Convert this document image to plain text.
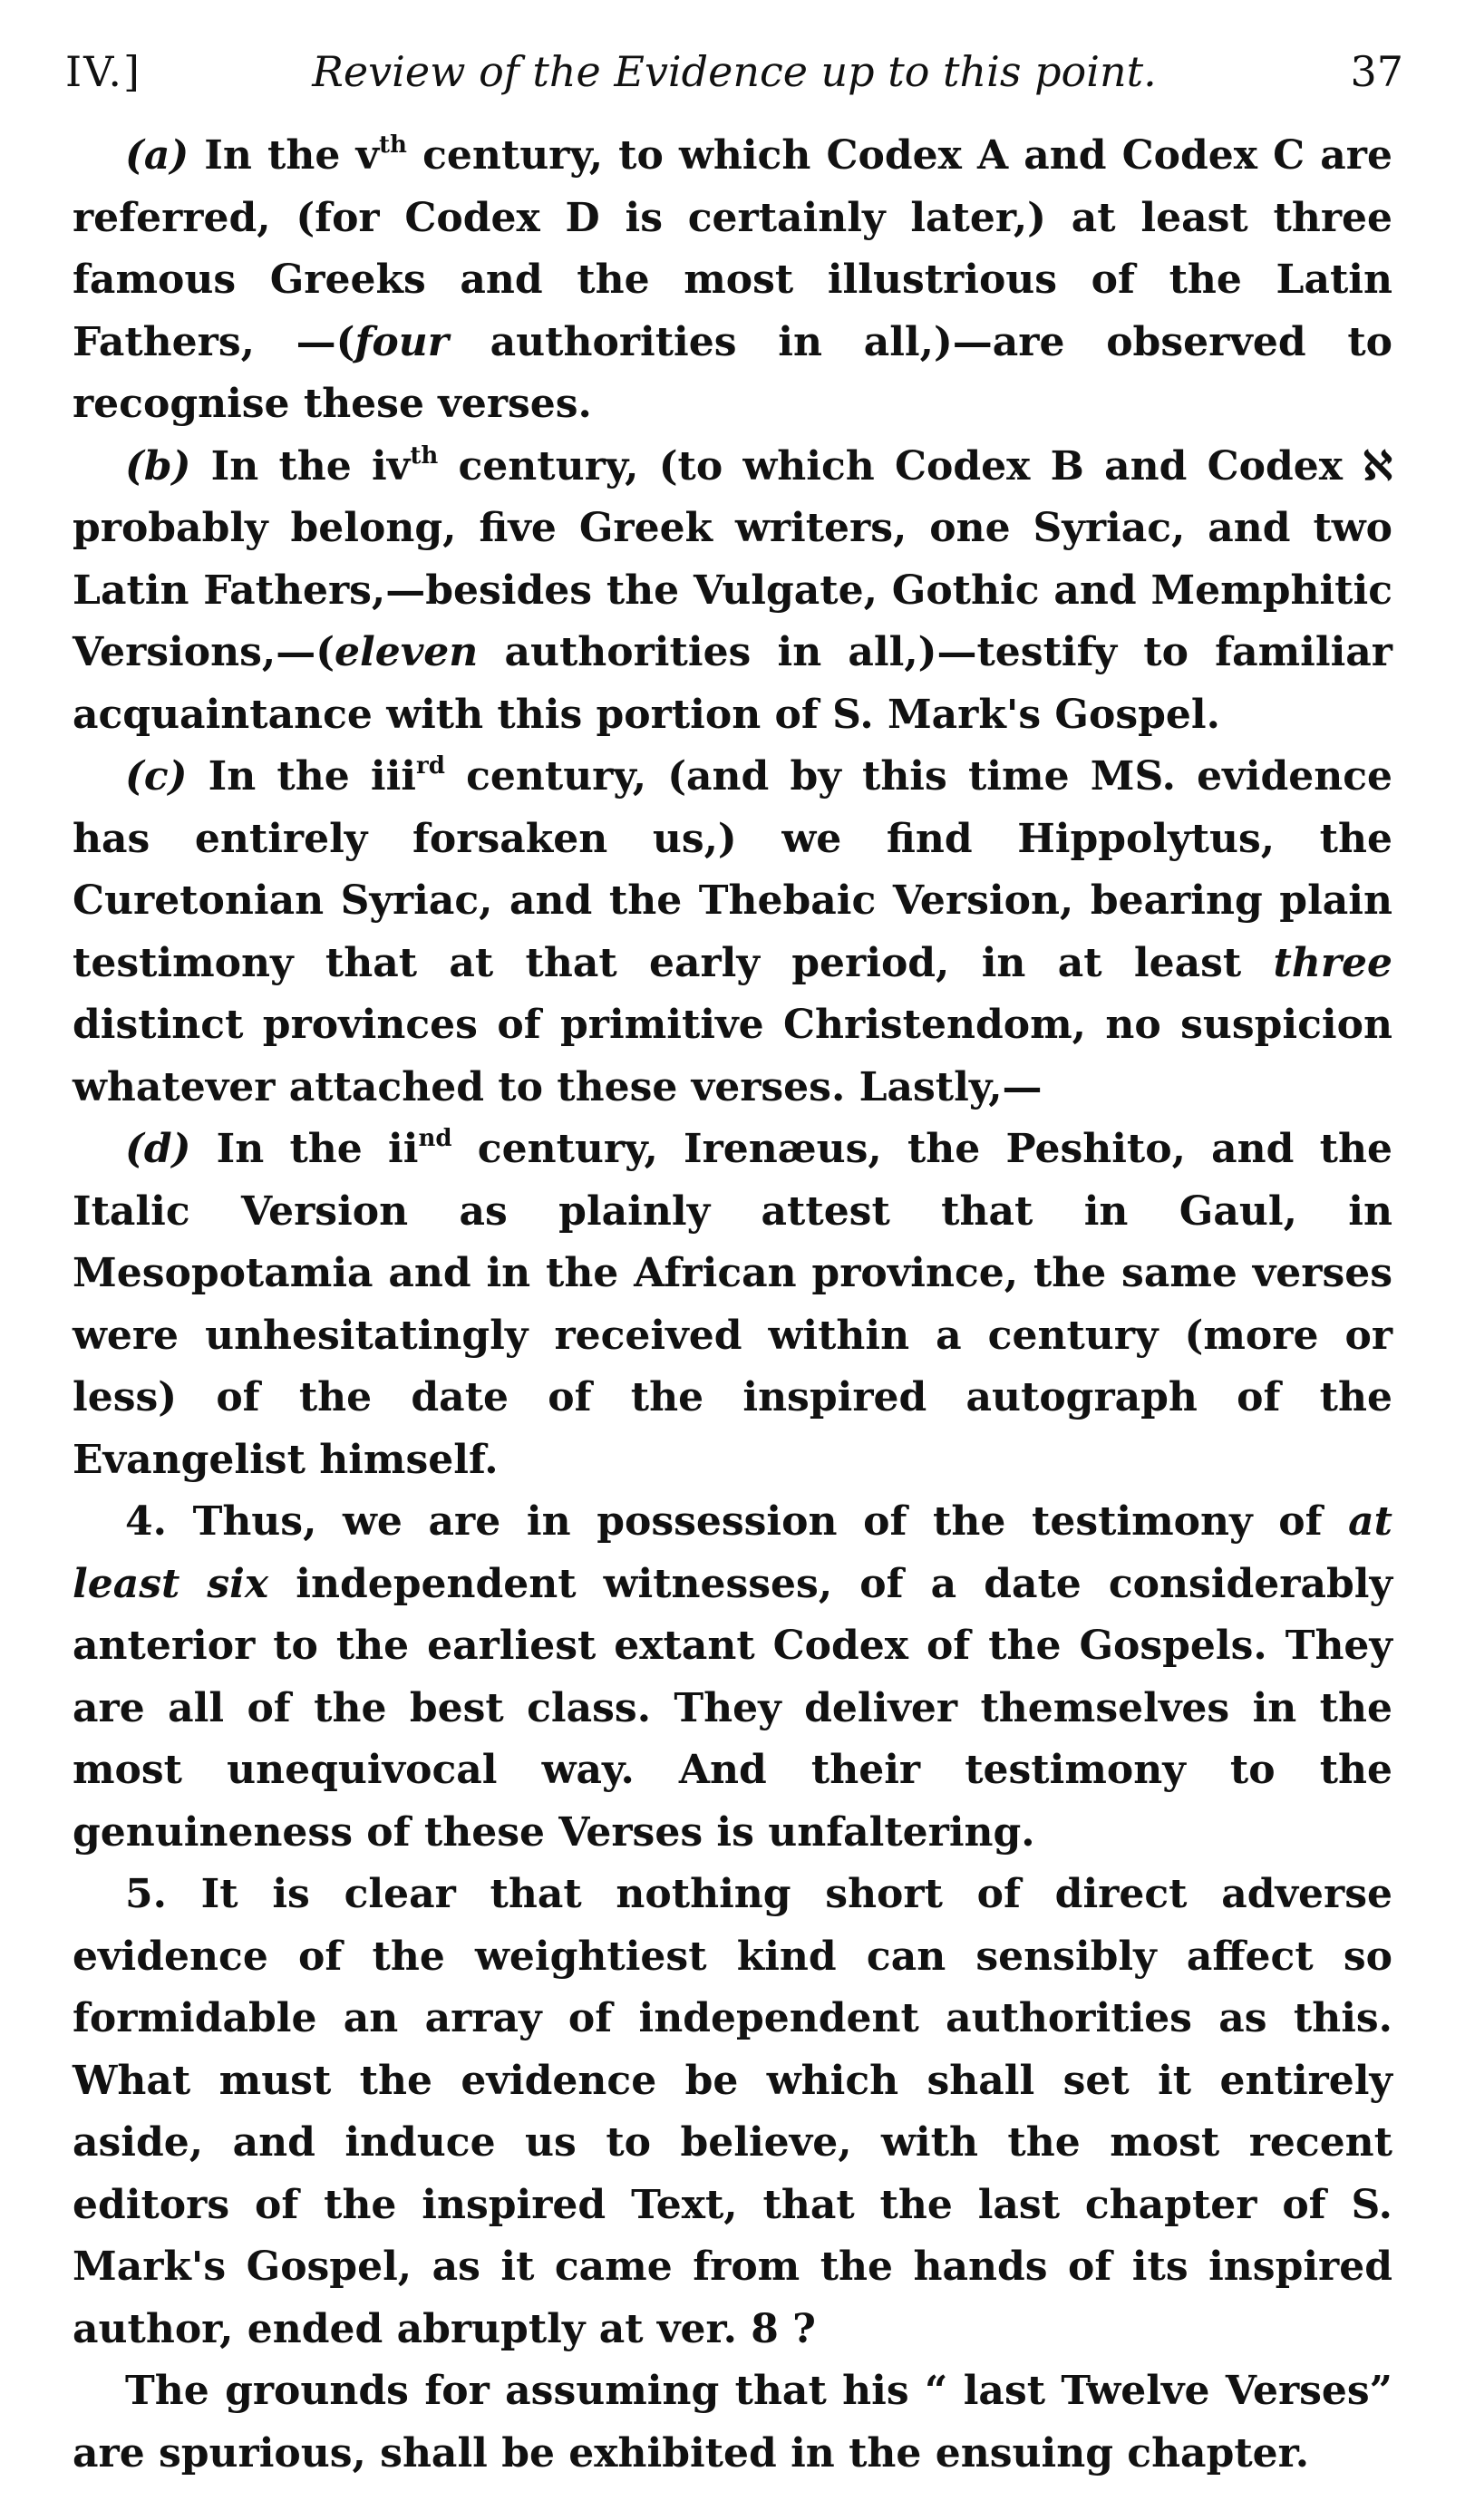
IV.]	Review of the Evidence up to this point.	37

(a) In the $v^{th}$ century, to which Codex A and Codex C are referred, (for Codex D is certainly later,) at least three famous Greeks and the most illustrious of the Latin Fathers, —(four authorities in all,)—are observed to recognise these verses.

(b) In the $iv^{th}$ century, (to which Codex B and Codex ℵ probably belong, five Greek writers, one Syriac, and two Latin Fathers,—besides the Vulgate, Gothic and Memphitic Versions,—(eleven authorities in all,)—testify to familiar acquaintance with this portion of S. Mark's Gospel.

(c) In the iii$^{rd}$ century, (and by this time MS. evidence has entirely forsaken us,) we find Hippolytus, the Curetonian Syriac, and the Thebaic Version, bearing plain testimony that at that early period, in at least three distinct provinces of primitive Christendom, no suspicion whatever attached to these verses. Lastly,—

(d) In the $ii^{nd}$ century, Irenæus, the Peshito, and the Italic Version as plainly attest that in Gaul, in Mesopotamia and in the African province, the same verses were unhesitatingly received within a century (more or less) of the date of the inspired autograph of the Evangelist himself.

4. Thus, we are in possession of the testimony of at least six independent witnesses, of a date considerably anterior to the earliest extant Codex of the Gospels. They are all of the best class. They deliver themselves in the most unequivocal way. And their testimony to the genuineness of these Verses is unfaltering.

5. It is clear that nothing short of direct adverse evidence of the weightiest kind can sensibly affect so formidable an array of independent authorities as this. What must the evidence be which shall set it entirely aside, and induce us to believe, with the most recent editors of the inspired Text, that the last chapter of S. Mark's Gospel, as it came from the hands of its inspired author, ended abruptly at ver. 8 ?

The grounds for assuming that his “ last Twelve Verses” are spurious, shall be exhibited in the ensuing chapter.
